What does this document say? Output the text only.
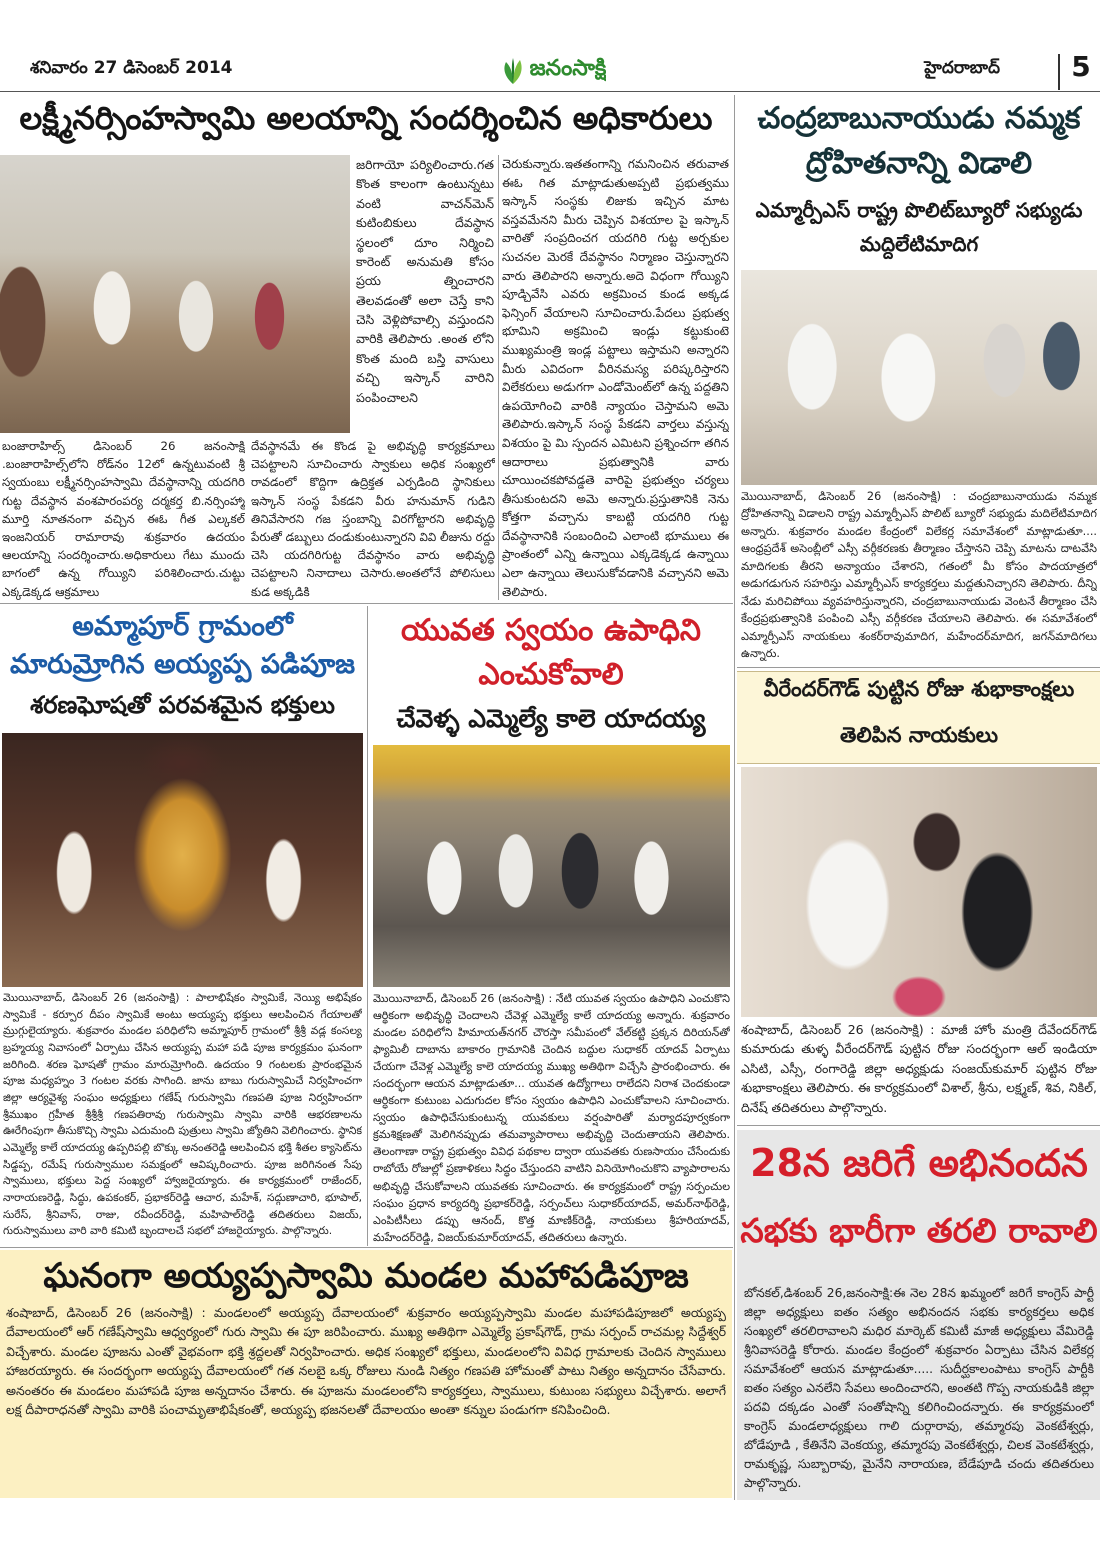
శనివారం 27 డిసెంబర్ 2014	జనంసాక్షి	హైదరాబాద్	5
లక్ష్మీనర్సింహస్వామి అలయాన్ని సందర్శించిన అధికారులు
జరిగాయో పర్యిలించారు.గత కొంత కాలంగా ఉంటున్నటు వంటి వాచన్‌మెన్ కుటింబికులు దేవస్థాన స్థలంలో దూం నిర్మించి కారెంట్ అనుమతి కోసం ప్రయ త్నించారని తెలవడంతో అలా చెస్తే కాని చెసి వెళ్లిపోవాల్సి వస్తుందని వారికి తెలిపారు .అంత లోని కొంత మంది బస్తి వాసులు వచ్చి ఇస్కాన్ వారిని పంపించాలని
బంజారాహిల్స్ డిసెంబర్ 26 జనంసాక్షి .బంజారాహిల్స్‌లోని రోడ్‌నం 12లో ఉన్నటువంటి శ్రీ స్వయంబు లక్ష్మీనర్సింహస్వామి దేవస్థానాన్ని యదగిరి గుట్ట దేవస్థాన వంశపారంపర్య దర్మకర్త బి.నర్సింహ్మా మూర్తి నూతనంగా వచ్చిన ఈఓ గీత ఎల్కకల్ ఇంజనియర్ రామారావు శుక్రవారం ఉదయం ఆలయాన్ని సందర్శించారు.అధికారులు గేటు ముందు బాగంలో ఉన్న గోయ్యిని పరిశిలించారు.చుట్టు ఎక్కడెక్కడ ఆక్రమాలు
దేవస్థానమే ఈ కొండ పై అభివృద్ధి కార్యక్రమాలు చెపట్టాలని సూచించారు స్వాకులు అధిక సంఖ్యలో రావడంలో కొద్దిగా ఉద్రిక్తత ఎర్పడింది స్థానికులు ఇస్కాన్ సంస్థ పేకడని వీరు హనుమాన్ గుడిని తినివేసారని గజ స్తంబాన్ని విరగోట్టారని అభివృద్ధి పేరుతో డబ్బులు దండుకుంటున్నారని వివి లీజును రద్దు చెసి యదగిరిగుట్ట దేవస్థానం వారు అభివృద్ధి చెపట్టాలని నినాదాలు చెసారు.అంతలోనే పోలిసులు కుడ అక్కడికి
చెరుకున్నారు.ఇతతంగాన్ని గమనించిన తరువాత ఈఓ గిత మాట్లాడుతుఅప్పటి ప్రభుత్వము ఇస్కాన్ సంస్థకు లిజుకు ఇచ్చిన మాట వస్తవమేనని మీరు చెప్పిన విశయాల పై ఇస్కాన్ వారితో సంప్రదించగ యదగిరి గుట్ట అర్చకుల సుచనల మెరకే దేవస్థానం నిర్మాణం చెస్తున్నారని వారు తెలిపారని అన్నారు.అదె విధంగా గోయ్యిని పూడ్చివేసి ఎవరు అక్రమించ కుండ అక్కడ ఫెన్సింగ్ వేయాలని సూచించారు.పేదలు ప్రభుత్వ భూమిని అక్రమించి ఇండ్లు కట్టుకుంటె ముఖ్యమంత్రి ఇండ్ల పట్టాలు ఇస్తామని అన్నారని మీరు ఎవిదంగా వీరినమస్య పరిష్కరిస్తారని విలేకరులు అడుగగా ఎండోమెంట్‌లో ఉన్న పద్దతిని ఉపయోగించి వారికి న్యాయం చెస్తామని అమె తెలిపారు.ఇస్కాన్ సంస్థ పేకడని వార్తలు వస్తున్న విశయం పై మి స్పందన ఎమిటని ప్రశ్నించగా తగిన ఆదారాలు ప్రభుత్వానికి వారు చూయించకపోవడ్డతె వారిపై ప్రభుత్వం చర్యలు తీసుకుంటదని అమె అన్నారు.ప్రస్తుతానికి నెను కోత్తగా వచ్చాను కాబట్టి యదగిరి గుట్ట దేవస్థానానికి సంబందించి ఎలాంటి భూములు ఈ ప్రాంతంలో ఎన్ని ఉన్నాయి ఎక్కడెక్కడ ఉన్నాయి ఎలా ఉన్నాయి తెలుసుకోవడానికి వచ్చానని అమె తెలిపారు.
చంద్రబాబునాయుడు నమ్మక
ద్రోహితనాన్ని విడాలి
ఎమ్మార్పీఎస్ రాష్ట్ర పొలిట్‌బ్యూరో సభ్యుడు
మద్దిలేటిమాదిగ
మొయినాబాద్, డిసెంబర్ 26 (జనంసాక్షి) : చంద్రబాబునాయుడు నమ్మక ద్రోహితనాన్ని విడాలని రాష్ట్ర ఎమ్మార్పీఎస్ పొలిట్ బ్యూరో సభ్యుడు మదిలేటిమాదిగ అన్నారు. శుక్రవారం మండల కేంద్రంలో విలేకర్ల సమావేశంలో మాట్లాడుతూ.... ఆంధ్రప్రదేశ్ అసెంబ్లీలో ఎస్సీ వర్గీకరణకు తీర్మాణం చేస్తానని చెప్పి మాటను దాటవేసి మాదిగలకు తీరని అన్యాయం చేశారని, గతంలో మీ కోసం పాదయాత్రలో అడుగడుగున సహరిస్తు ఎమ్మార్పీఎస్ కార్యకర్తలు మద్దతునిచ్చారని తెలిపారు. దీన్ని నేడు మరిచిపోయి వ్యవహరిస్తున్నారని, చంద్రబాబునాయుడు వెంటనే తీర్మాణం చేసి కేంద్రప్రభుత్వానికి పంపించి ఎస్సీ వర్గీకరణ చేయాలని తెలిపారు. ఈ సమావేశంలో ఎమ్మార్పీఎస్ నాయకులు శంకర్‌రావుమాదిగ, మహేందర్‌మాదిగ, జగన్‌మాదిగలు ఉన్నారు.
వీరేందర్‌గౌడ్ పుట్టిన రోజు శుభాకాంక్షలు
తెలిపిన నాయకులు
శంషాబాద్, డిసెంబర్ 26 (జనంసాక్షి) : మాజీ హోం మంత్రి దేవేందర్‌గౌడ్ కుమారుడు తుళ్ళ వీరేందర్‌గౌడ్ పుట్టిన రోజు సందర్భంగా ఆల్ ఇండియా ఎసిటి, ఎస్సీ, రంగారెడ్డి జిల్లా అధ్యక్షుడు సంజయ్‌కుమార్ పుట్టిన రోజు శుభాకాంక్షలు తెలిపారు. ఈ కార్యక్రమంలో విశాల్, శ్రీను, లక్ష్మణ్, శివ, నికిల్, దినేష్ తదితరులు పాల్గొన్నారు.
28న జరిగే అభినందన
సభకు భారీగా తరలి రావాలి
బోనకల్,డిశంబర్ 26,జనంసాక్షి:ఈ నెల 28న ఖమ్మంలో జరిగే కాంగ్రెస్ పార్టీ జిల్లా అధ్యక్షులు ఐతం సత్యం అభినందన సభకు కార్యకర్తలు అధిక సంఖ్యలో తరలిరావాలని మధిర మార్కెట్ కమిటీ మాజీ అధ్యక్షులు వేమిరెడ్డి శ్రీనివాసరెడ్డి కోరారు. మండల కేంద్రంలో శుక్రవారం ఏర్పాటు చేసిన విలేకర్ల సమావేశంలో ఆయన మాట్లాడుతూ..... సుదీర్ఘకాలంపాటు కాంగ్రెస్ పార్టీకి ఐతం సత్యం ఎనలేని సేవలు అందించారని, అంతటి గొప్ప నాయకుడికి జిల్లా పదవి దక్కడం ఎంతో సంతోషాన్ని కలిగించిందన్నారు. ఈ కార్యక్రమంలో కాంగ్రెస్ మండలాధ్యక్షులు గాలి దుర్గారావు, తమ్మారపు వెంకటేశ్వర్లు, బోడేపూడి , కేతినేని వెంకయ్య, తమ్మారపు వెంకటేశ్వర్లు, చిలక వెంకటేశ్వర్లు, రామకృష్ణ, సుబ్బారావు, మైనేని నారాయణ, బేడేపూడి చందు తదితరులు పాల్గొన్నారు.
అమ్మాపూర్ గ్రామంలో
మారుమ్రోగిన అయ్యప్ప పడిపూజ
శరణఘోషతో పరవశమైన భక్తులు
మొయినాబాద్, డిసెంబర్ 26 (జనంసాక్షి) : పాలాభిషేకం స్వామికే, నెయ్యి అభిషేకం స్వామికే - కర్పూర దీపం స్వామికే అంటు అయ్యప్ప భక్తులు ఆలపించిన గేయాలతో మ్రుగ్గులైయ్యారు. శుక్రవారం మండల పరిధిలోని అమ్మాపూర్ గ్రామంలో శ్రీశ్రీ వడ్ల కంసల్య బ్రహ్మయ్య నివాసంలో ఏర్పాటు చేసిన అయ్యప్ప మహా పడి పూజ కార్యక్రమం ఘనంగా జరిగింది. శరణ ఘోషతో గ్రామం మారుమ్రోగింది. ఉదయం 9 గంటలకు ప్రారంభమైన పూజ మధ్యహ్నం 3 గంటల వరకు సాగింది. జాను బాబు గురుస్వామిచే నిర్వహించగా జిల్లా ఆర్యవైశ్య సంఘం అధ్యక్షులు గణేష్ గురుస్వామి గణపతి పూజ నిర్వహించగా శ్రీముఖం గ్రహీత శ్రీశ్రీశ్రీ గణపతిరావు గురుస్వామి స్వామి వారికి ఆభరణాలను ఊరేగింపుగా తీసుకొచ్చి స్వామి ఎదుమంది పుత్రులు స్వామి జ్యోతిని వెలిగించారు. స్థానిక ఎమ్మెల్యే కాలే యాదయ్య ఉప్పరిపల్లి బొక్కు అనంతరెడ్డి ఆలపించిన భక్తి శీతల క్యాసెట్‌ను సిడ్డప్ప, రమేష్ గురుస్వాముల సమక్షంలో ఆవిష్కరించారు. పూజ జరిగినంత సేపు స్వాములు, భక్తులు పెద్ద సంఖ్యలో హ్వాజరైయ్యారు. ఈ కార్యక్రమంలో రాజేందర్, నారాయణరెడ్డి, సిద్ధు, ఉపకంకర్, ప్రభాకర్‌రెడ్డి ఆచార, మహేశ్, సద్గుణాచారి, భూపాల్, సురేస్, శ్రీనివాస్, రాజు, రవీందర్‌రెడ్డి, మహిపాల్‌రెడ్డి తదితరులు విజయ్, గురుస్వాములు వారి వారి కమిటి బృందాలచే సభలో హాజరైయ్యారు. పాల్గొన్నారు.
యువత స్వయం ఉపాధిని
ఎంచుకోవాలి
చేవెళ్ళ ఎమ్మెల్యే కాలె యాదయ్య
మొయినాబాద్, డిసెంబర్ 26 (జనంసాక్షి) : నేటి యువత స్వయం ఉపాధిని ఎంచుకొని ఆర్థికంగా అభివృద్ధి చెందాలని చేవెళ్ల ఎమ్మెల్యే కాలే యాదయ్య అన్నారు. శుక్రవారం మండల పరిధిలోని హిమాయత్‌నగర్ చౌరస్తా సమీపంలో వేల్‌కట్టి ప్రక్కన దిరియన్‌తో ఫ్యామిలీ దాబాను బాకారం గ్రామానికి చెందిన బద్దుల సుధాకర్ యాదవ్ ఏర్పాటు చేయగా చేవెళ్ల ఎమ్మెల్యే కాలె యాదయ్య ముఖ్య అతిథిగా విచ్చేసి ప్రారంభించారు. ఈ సందర్భంగా ఆయన మాట్లాడుతూ... యువత ఉద్యోగాలు రాలేదని నిరాశ చెందకుండా ఆర్ధికంగా కుటుంబ ఎదుగుదల కోసం స్వయం ఉపాధిని ఎంచుకోవాలని సూచించారు. స్వయం ఉపాధిచేసుకుంటున్న యువకులు వర్షంపారితో మర్యాదపూర్వకంగా క్రమశిక్షణతో మెలిగినప్పుడు తమవ్యాపారాలు అభివృద్ది చెందుతాయని తెలిపారు. తెలంగాణా రాష్ట్ర ప్రభుత్వం వివిధ పథకాల ద్వారా యువతకు రుణసాయం చేసేందుకు రాబోయే రోజుల్లో ప్రణాళికలు సిద్ధం చేస్తుందని వాటిని వినియోగించుకొని వ్యాపారాలను అభివృద్ధి చేసుకోవాలని యువతకు సూచించారు. ఈ కార్యక్రమంలో రాష్ట్ర సర్పంచుల సంఘం ప్రధాన కార్యదర్శి ప్రభాకర్‌రెడ్డి, సర్పంచ్‌లు సుధాకర్‌యాదవ్, అమర్‌నాథ్‌రెడ్డి, ఎంపిటీసీలు డప్పు ఆనంద్, కొత్త మాణిక్‌రెడ్డి, నాయకులు శ్రీహరియాదవ్, మహేందర్‌రెడ్డి, విజయ్‌కుమార్‌యాదవ్, తదితరులు ఉన్నారు.
ఘనంగా అయ్యప్పస్వామి మండల మహాపడిపూజ
శంషాబాద్, డిసెంబర్ 26 (జనంసాక్షి) : మండలంలో అయ్యప్ప దేవాలయంలో శుక్రవారం అయ్యప్పస్వామి మండల మహాపడిపూజలో అయ్యప్ప దేవాలయంలో ఆర్ గణేష్‌స్వామి ఆధ్వర్యంలో గురు స్వామి ఈ పూ జరిపించారు. ముఖ్య అతిథిగా ఎమ్మెల్యే ప్రకాష్‌గౌడ్, గ్రామ సర్పంచ్ రాచమల్ల సిద్దేశ్వర్ విచ్చేశారు. మండల పూజను ఎంతో వైభవంగా భక్తి శ్రద్దలతో నిర్వహించారు. అధిక సంఖ్యలో భక్తులు, మండలంలోని వివిధ గ్రామాలకు చెందిన స్వాములు హాజరయ్యారు. ఈ సందర్భంగా అయ్యప్ప దేవాలయంలో గత నలబై ఒక్క రోజులు నుండి నిత్యం గణపతి హోమంతో పాటు నిత్యం అన్నదానం చేసేవారు. అనంతరం ఈ మండలం మహాపడి పూజ అన్నదానం చేశారు. ఈ పూజను మండలంలోని కార్యకర్తలు, స్వాములు, కుటుంబ సభ్యులు విచ్చేశారు. అలాగే లక్ష దీపారాధనతో స్వామి వారికి పంచామృతాభిషేకంతో, అయ్యప్ప భజనలతో దేవాలయం అంతా కన్నుల పండుగగా కనిపించింది.
